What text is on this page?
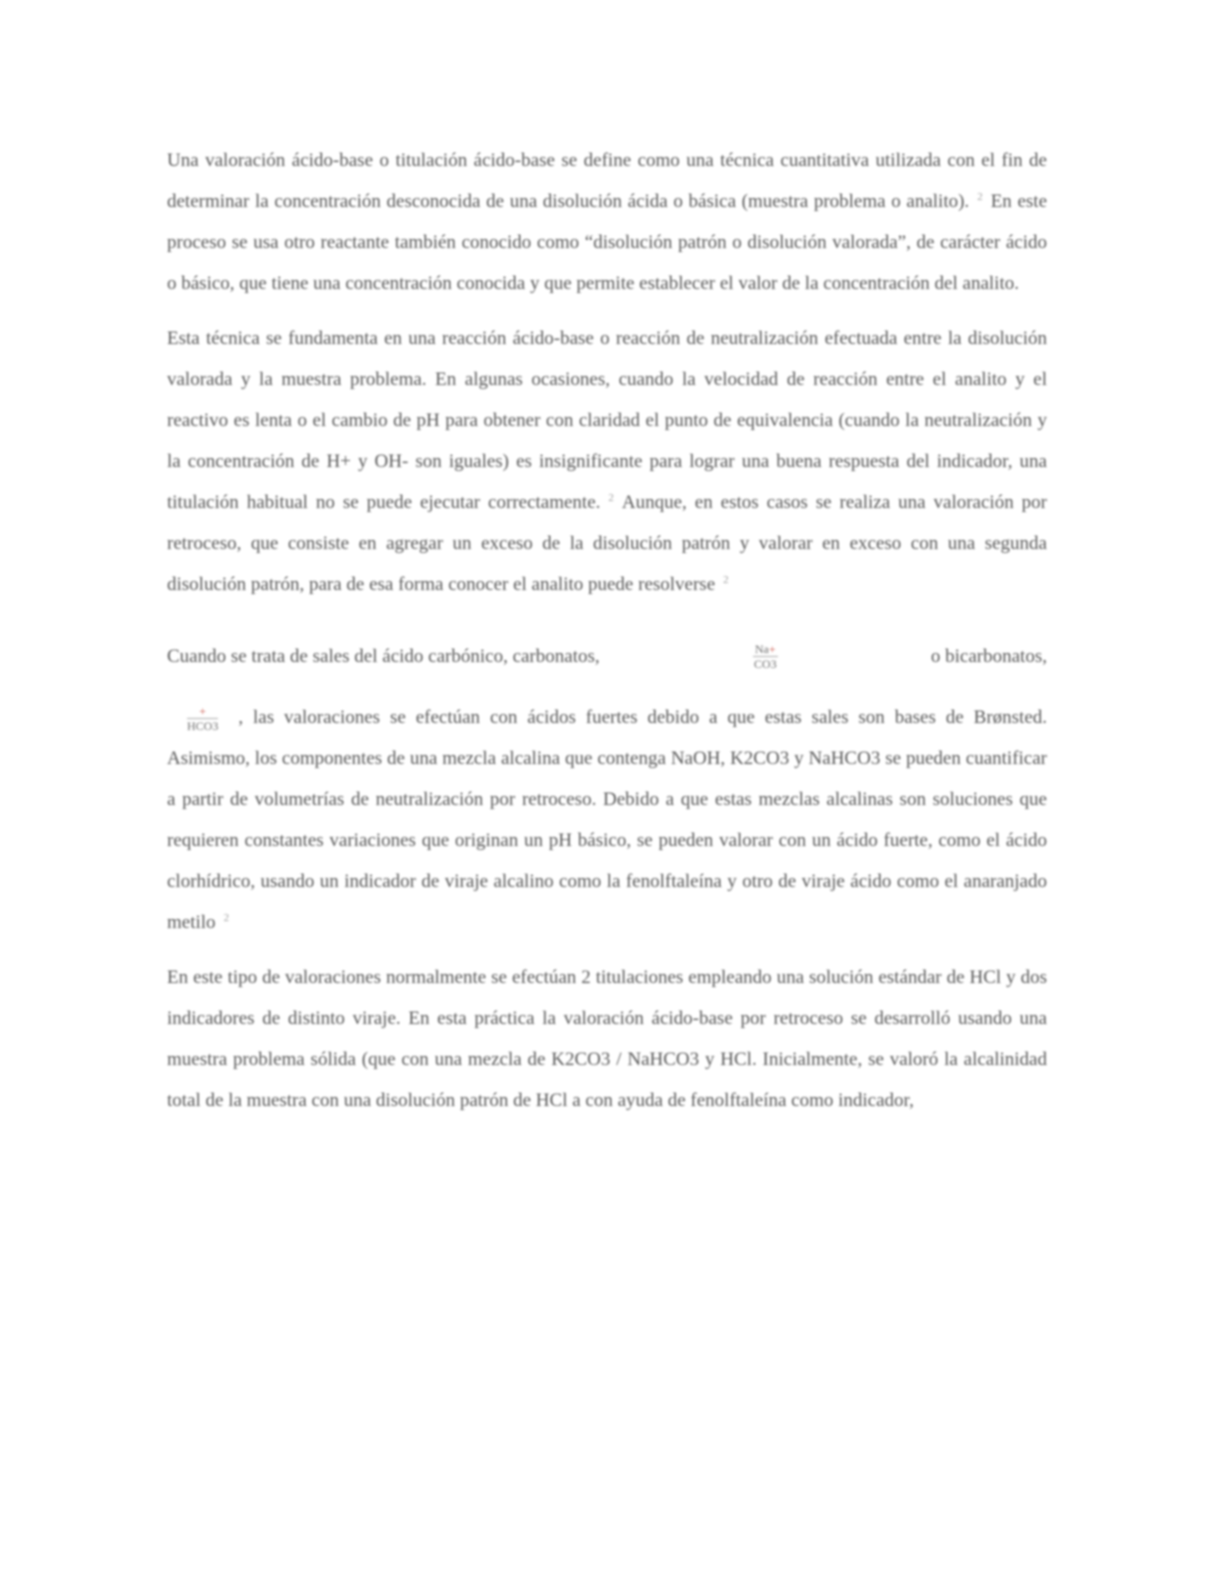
Una valoración ácido-base o titulación ácido-base se define como una técnica cuantitativa utilizada con el fin de determinar la concentración desconocida de una disolución ácida o básica (muestra problema o analito). 2 En este proceso se usa otro reactante también conocido como “disolución patrón o disolución valorada”, de carácter ácido o básico, que tiene una concentración conocida y que permite establecer el valor de la concentración del analito.

Esta técnica se fundamenta en una reacción ácido-base o reacción de neutralización efectuada entre la disolución valorada y la muestra problema. En algunas ocasiones, cuando la velocidad de reacción entre el analito y el reactivo es lenta o el cambio de pH para obtener con claridad el punto de equivalencia (cuando la neutralización y la concentración de H+ y OH- son iguales) es insignificante para lograr una buena respuesta del indicador, una titulación habitual no se puede ejecutar correctamente. 2 Aunque, en estos casos se realiza una valoración por retroceso, que consiste en agregar un exceso de la disolución patrón y valorar en exceso con una segunda disolución patrón, para de esa forma conocer el analito puede resolverse 2

Cuando se trata de sales del ácido carbónico, carbonatos,	$\frac{Na+}{CO3}$	o bicarbonatos,

$\frac{+}{\text{HCO3}}$ , las valoraciones se efectúan con ácidos fuertes debido a que estas sales son bases de Brønsted. Asimismo, los componentes de una mezcla alcalina que contenga NaOH, K2CO3 y NaHCO3 se pueden cuantificar a partir de volumetrías de neutralización por retroceso. Debido a que estas mezclas alcalinas son soluciones que requieren constantes variaciones que originan un pH básico, se pueden valorar con un ácido fuerte, como el ácido clorhídrico, usando un indicador de viraje alcalino como la fenolftaleína y otro de viraje ácido como el anaranjado metilo 2

En este tipo de valoraciones normalmente se efectúan 2 titulaciones empleando una solución estándar de HCl y dos indicadores de distinto viraje. En esta práctica la valoración ácido-base por retroceso se desarrolló usando una muestra problema sólida (que con una mezcla de K2CO3 / NaHCO3 y HCl. Inicialmente, se valoró la alcalinidad total de la muestra con una disolución patrón de HCl a con ayuda de fenolftaleína como indicador,
